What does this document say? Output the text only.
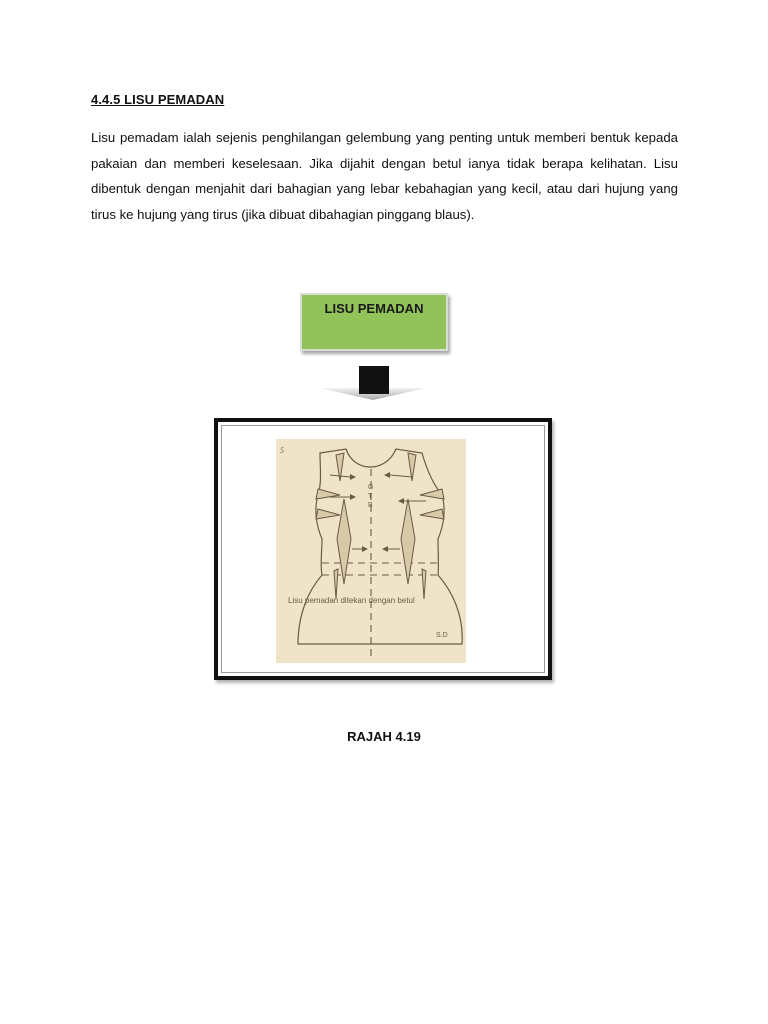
4.4.5 LISU PEMADAN

Lisu pemadam ialah sejenis penghilangan gelembung yang penting untuk memberi bentuk kepada pakaian dan memberi keselesaan. Jika dijahit dengan betul ianya tidak berapa kelihatan. Lisu dibentuk dengan menjahit dari bahagian yang lebar kebahagian yang kecil, atau dari hujung yang tirus ke hujung yang tirus (jika dibuat dibahagian pinggang blaus).

LISU PEMADAN
5
G
T
B
Lisu pemadan ditekan dengan betul
S.D

RAJAH 4.19
